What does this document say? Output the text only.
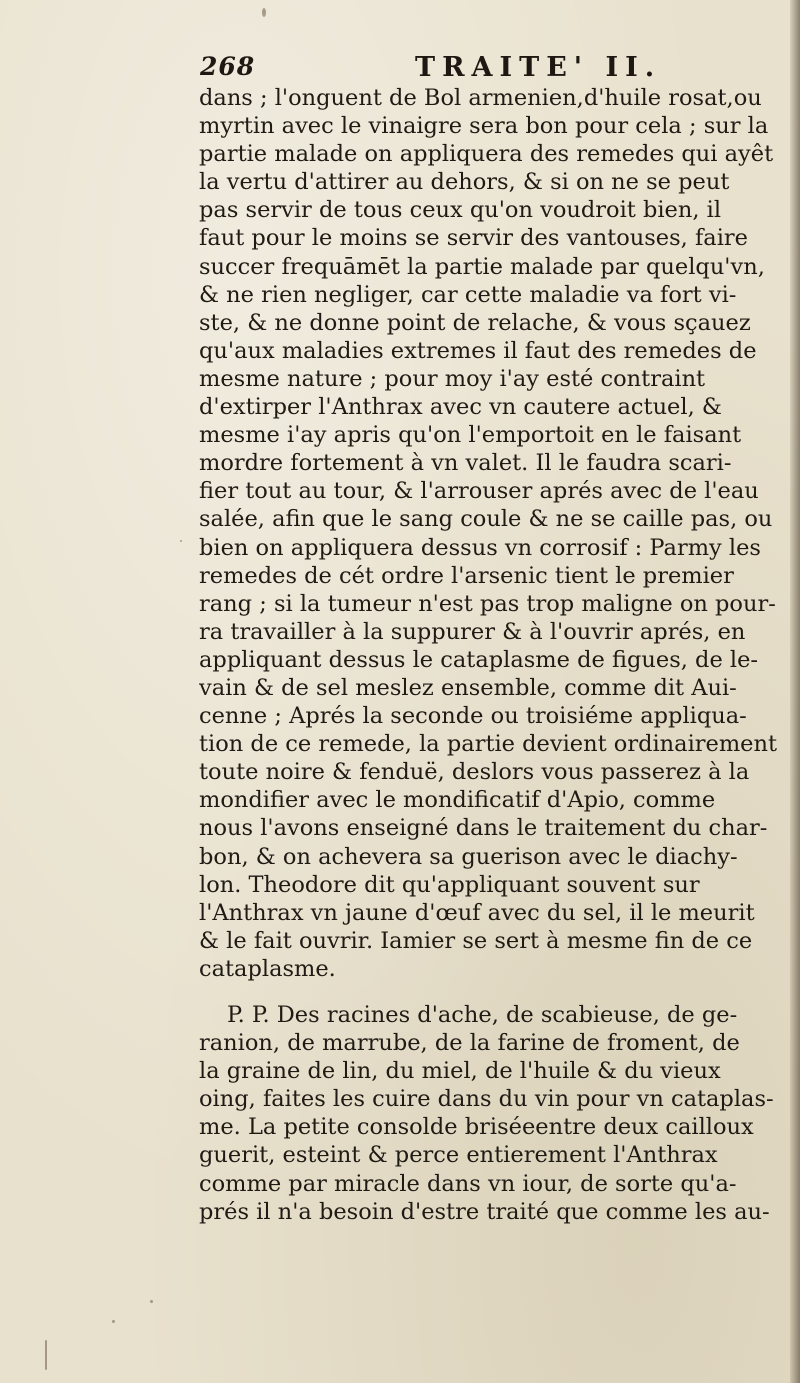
268	TRAITE' II.
dans ; l'onguent de Bol armenien,d'huile rosat,ou
myrtin avec le vinaigre sera bon pour cela ; sur la
partie malade on appliquera des remedes qui ayêt
la vertu d'attirer au dehors, & si on ne se peut
pas servir de tous ceux qu'on voudroit bien, il
faut pour le moins se servir des vantouses, faire
succer frequāmēt la partie malade par quelqu'vn,
& ne rien negliger, car cette maladie va fort vi-
ste, & ne donne point de relache, & vous sçauez
qu'aux maladies extremes il faut des remedes de
mesme nature ; pour moy i'ay esté contraint
d'extirper l'Anthrax avec vn cautere actuel, &
mesme i'ay apris qu'on l'emportoit en le faisant
mordre fortement à vn valet. Il le faudra scari-
fier tout au tour, & l'arrouser aprés avec de l'eau
salée, afin que le sang coule & ne se caille pas, ou
bien on appliquera dessus vn corrosif : Parmy les
remedes de cét ordre l'arsenic tient le premier
rang ; si la tumeur n'est pas trop maligne on pour-
ra travailler à la suppurer & à l'ouvrir aprés, en
appliquant dessus le cataplasme de figues, de le-
vain & de sel meslez ensemble, comme dit Aui-
cenne ; Aprés la seconde ou troisiéme appliqua-
tion de ce remede, la partie devient ordinairement
toute noire & fenduë, deslors vous passerez à la
mondifier avec le mondificatif d'Apio, comme
nous l'avons enseigné dans le traitement du char-
bon, & on achevera sa guerison avec le diachy-
lon. Theodore dit qu'appliquant souvent sur
l'Anthrax vn jaune d'œuf avec du sel, il le meurit
& le fait ouvrir. Iamier se sert à mesme fin de ce
cataplasme.
P. P. Des racines d'ache, de scabieuse, de ge-
ranion, de marrube, de la farine de froment, de
la graine de lin, du miel, de l'huile & du vieux
oing, faites les cuire dans du vin pour vn cataplas-
me. La petite consolde briséeentre deux cailloux
guerit, esteint & perce entierement l'Anthrax
comme par miracle dans vn iour, de sorte qu'a-
prés il n'a besoin d'estre traité que comme les au-
